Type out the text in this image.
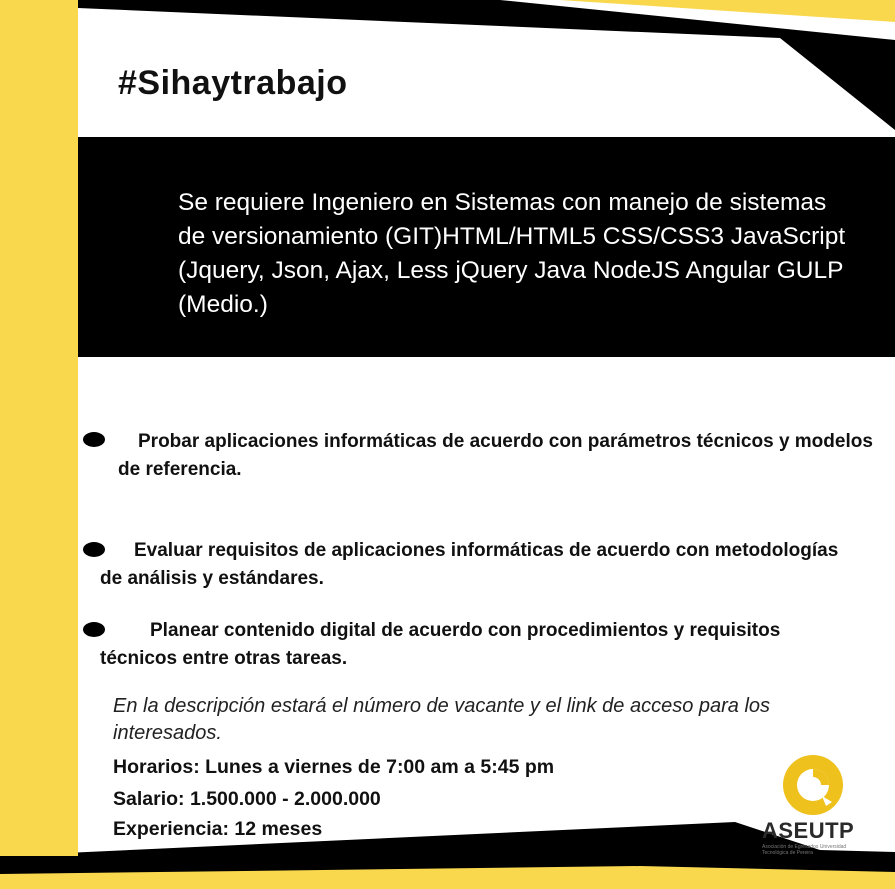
#Sihaytrabajo
Se requiere Ingeniero en Sistemas con manejo de sistemas de versionamiento (GIT)HTML/HTML5 CSS/CSS3 JavaScript (Jquery, Json, Ajax, Less jQuery Java NodeJS Angular GULP (Medio.)
Probar aplicaciones informáticas de acuerdo con parámetros técnicos y modelos de referencia.
Evaluar requisitos de aplicaciones informáticas de acuerdo con metodologías de análisis y estándares.
Planear contenido digital de acuerdo con procedimientos y requisitos técnicos entre otras tareas.
En la descripción estará el número de vacante y el link de acceso para los interesados.
Horarios: Lunes a viernes de 7:00 am a 5:45 pm
Salario: 1.500.000 - 2.000.000
Experiencia: 12 meses	ASEUTP
Asociación de Egresados Universidad Tecnológica de Pereira
